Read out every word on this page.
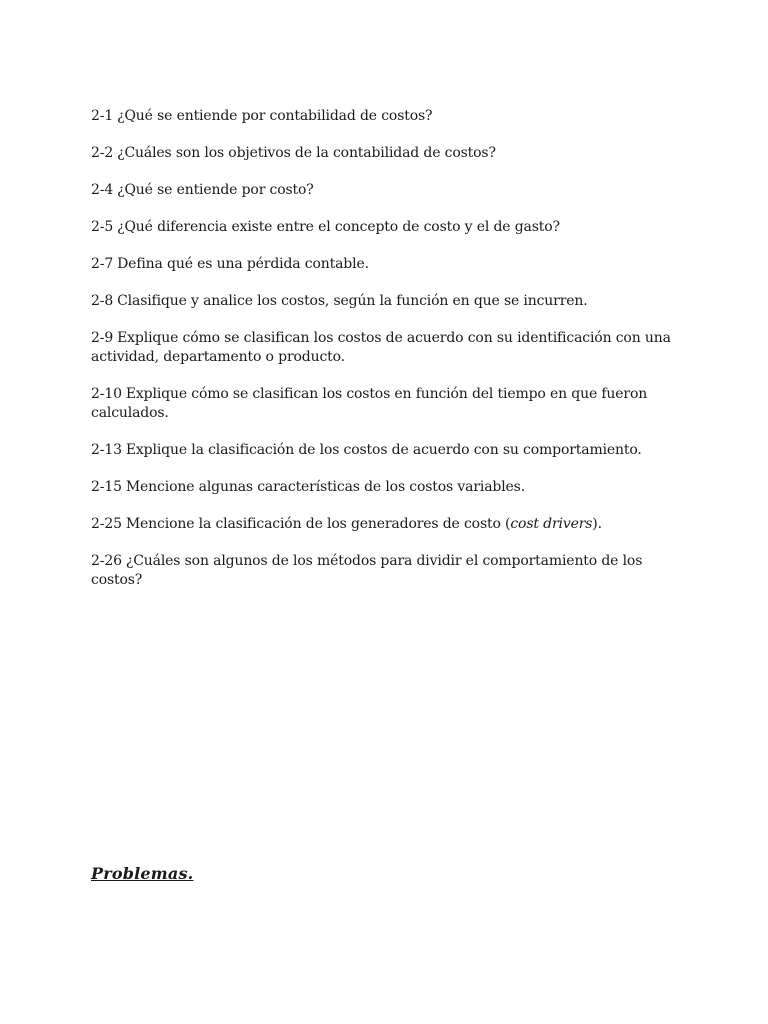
2-1 ¿Qué se entiende por contabilidad de costos?
2-2 ¿Cuáles son los objetivos de la contabilidad de costos?
2-4 ¿Qué se entiende por costo?
2-5 ¿Qué diferencia existe entre el concepto de costo y el de gasto?
2-7 Defina qué es una pérdida contable.
2-8 Clasifique y analice los costos, según la función en que se incurren.
2-9 Explique cómo se clasifican los costos de acuerdo con su identificación con una actividad, departamento o producto.
2-10 Explique cómo se clasifican los costos en función del tiempo en que fueron calculados.
2-13 Explique la clasificación de los costos de acuerdo con su comportamiento.
2-15 Mencione algunas características de los costos variables.
2-25 Mencione la clasificación de los generadores de costo (cost drivers).
2-26 ¿Cuáles son algunos de los métodos para dividir el comportamiento de los costos?
Problemas.
